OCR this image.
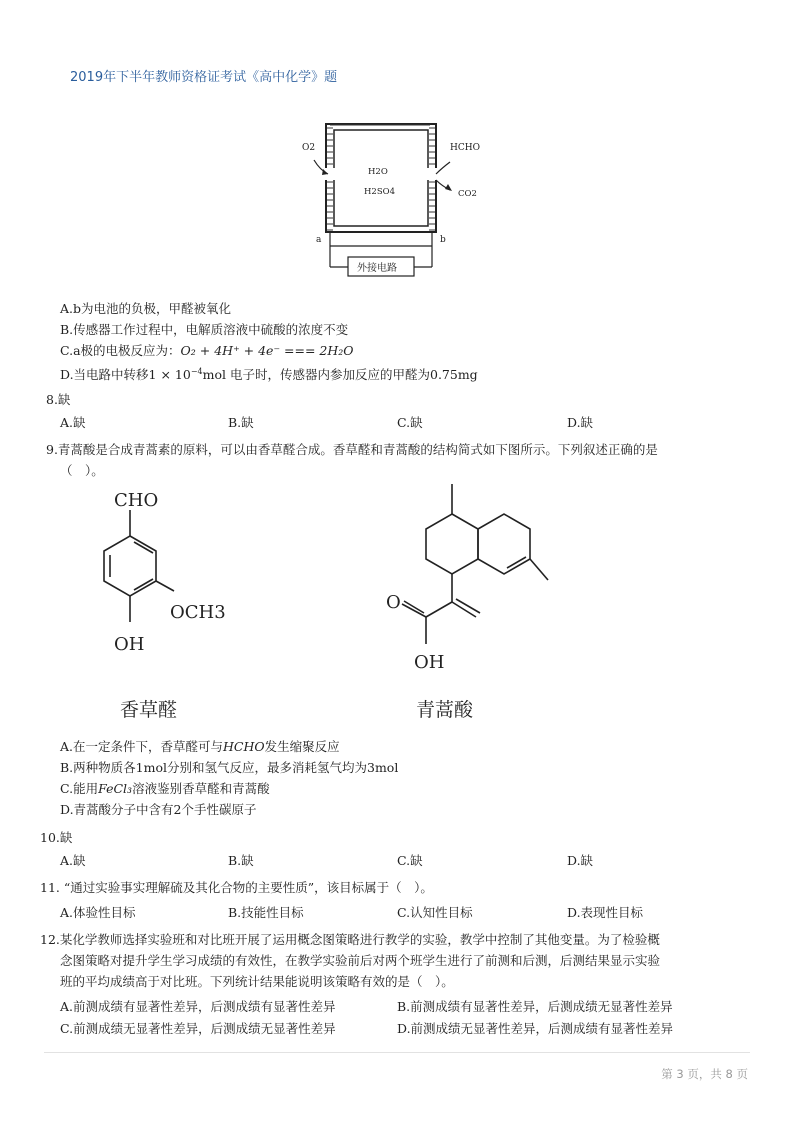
2019年下半年教师资格证考试《高中化学》题
O2	HCHO
H2O
H2SO4	CO2
a	b
外接电路
A.b为电池的负极，甲醛被氧化
B.传感器工作过程中，电解质溶液中硫酸的浓度不变
C.a极的电极反应为：O₂ + 4H⁺ + 4e⁻ === 2H₂O
D.当电路中转移$1 \times 10^{-4}mol$ 电子时，传感器内参加反应的甲醛为0.75mg
8.缺
A.缺	B.缺	C.缺	D.缺
9.青蒿酸是合成青蒿素的原料，可以由香草醛合成。香草醛和青蒿酸的结构简式如下图所示。下列叙述正确的是
（　）。
CHO
OCH3
OH
香草醛
O
OH
青蒿酸
A.在一定条件下，香草醛可与HCHO发生缩聚反应
B.两种物质各1mol分别和氢气反应，最多消耗氢气均为3mol
C.能用FeCl₃溶液鉴别香草醛和青蒿酸
D.青蒿酸分子中含有2个手性碳原子
10.缺
A.缺	B.缺	C.缺	D.缺
11. “通过实验事实理解硫及其化合物的主要性质”，该目标属于（　）。
A.体验性目标	B.技能性目标	C.认知性目标	D.表现性目标
12.某化学教师选择实验班和对比班开展了运用概念图策略进行教学的实验，教学中控制了其他变量。为了检验概
念图策略对提升学生学习成绩的有效性，在教学实验前后对两个班学生进行了前测和后测，后测结果显示实验
班的平均成绩高于对比班。下列统计结果能说明该策略有效的是（　）。
A.前测成绩有显著性差异，后测成绩有显著性差异	B.前测成绩有显著性差异，后测成绩无显著性差异
C.前测成绩无显著性差异，后测成绩无显著性差异	D.前测成绩无显著性差异，后测成绩有显著性差异
第 3 页，共 8 页
